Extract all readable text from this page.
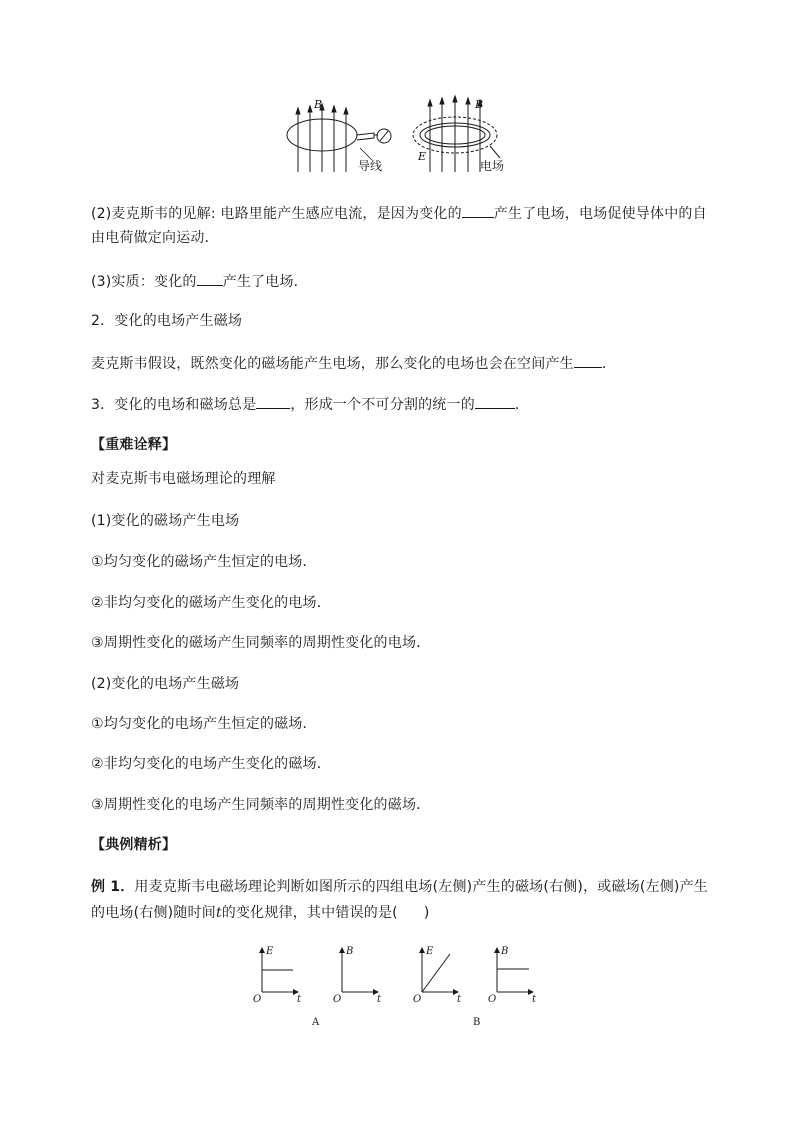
B
导线
B
E
电场
(2)麦克斯韦的见解: 电路里能产生感应电流，是因为变化的 产生了电场，电场促使导体中的自
由电荷做定向运动．
(3)实质：变化的 产生了电场．
2．变化的电场产生磁场
麦克斯韦假设，既然变化的磁场能产生电场，那么变化的电场也会在空间产生 ．
3．变化的电场和磁场总是 ，形成一个不可分割的统一的	．
【重难诠释】
对麦克斯韦电磁场理论的理解
(1)变化的磁场产生电场
①均匀变化的磁场产生恒定的电场．
②非均匀变化的磁场产生变化的电场．
③周期性变化的磁场产生同频率的周期性变化的电场．
(2)变化的电场产生磁场
①均匀变化的电场产生恒定的磁场．
②非均匀变化的电场产生变化的磁场．
③周期性变化的电场产生同频率的周期性变化的磁场．
【典例精析】
例 1．用麦克斯韦电磁场理论判断如图所示的四组电场(左侧)产生的磁场(右侧)，或磁场(左侧)产生
的电场(右侧)随时间t的变化规律，其中错误的是( )
E
O	t
B
O	t
E
O	t
B
O	t
A	B
